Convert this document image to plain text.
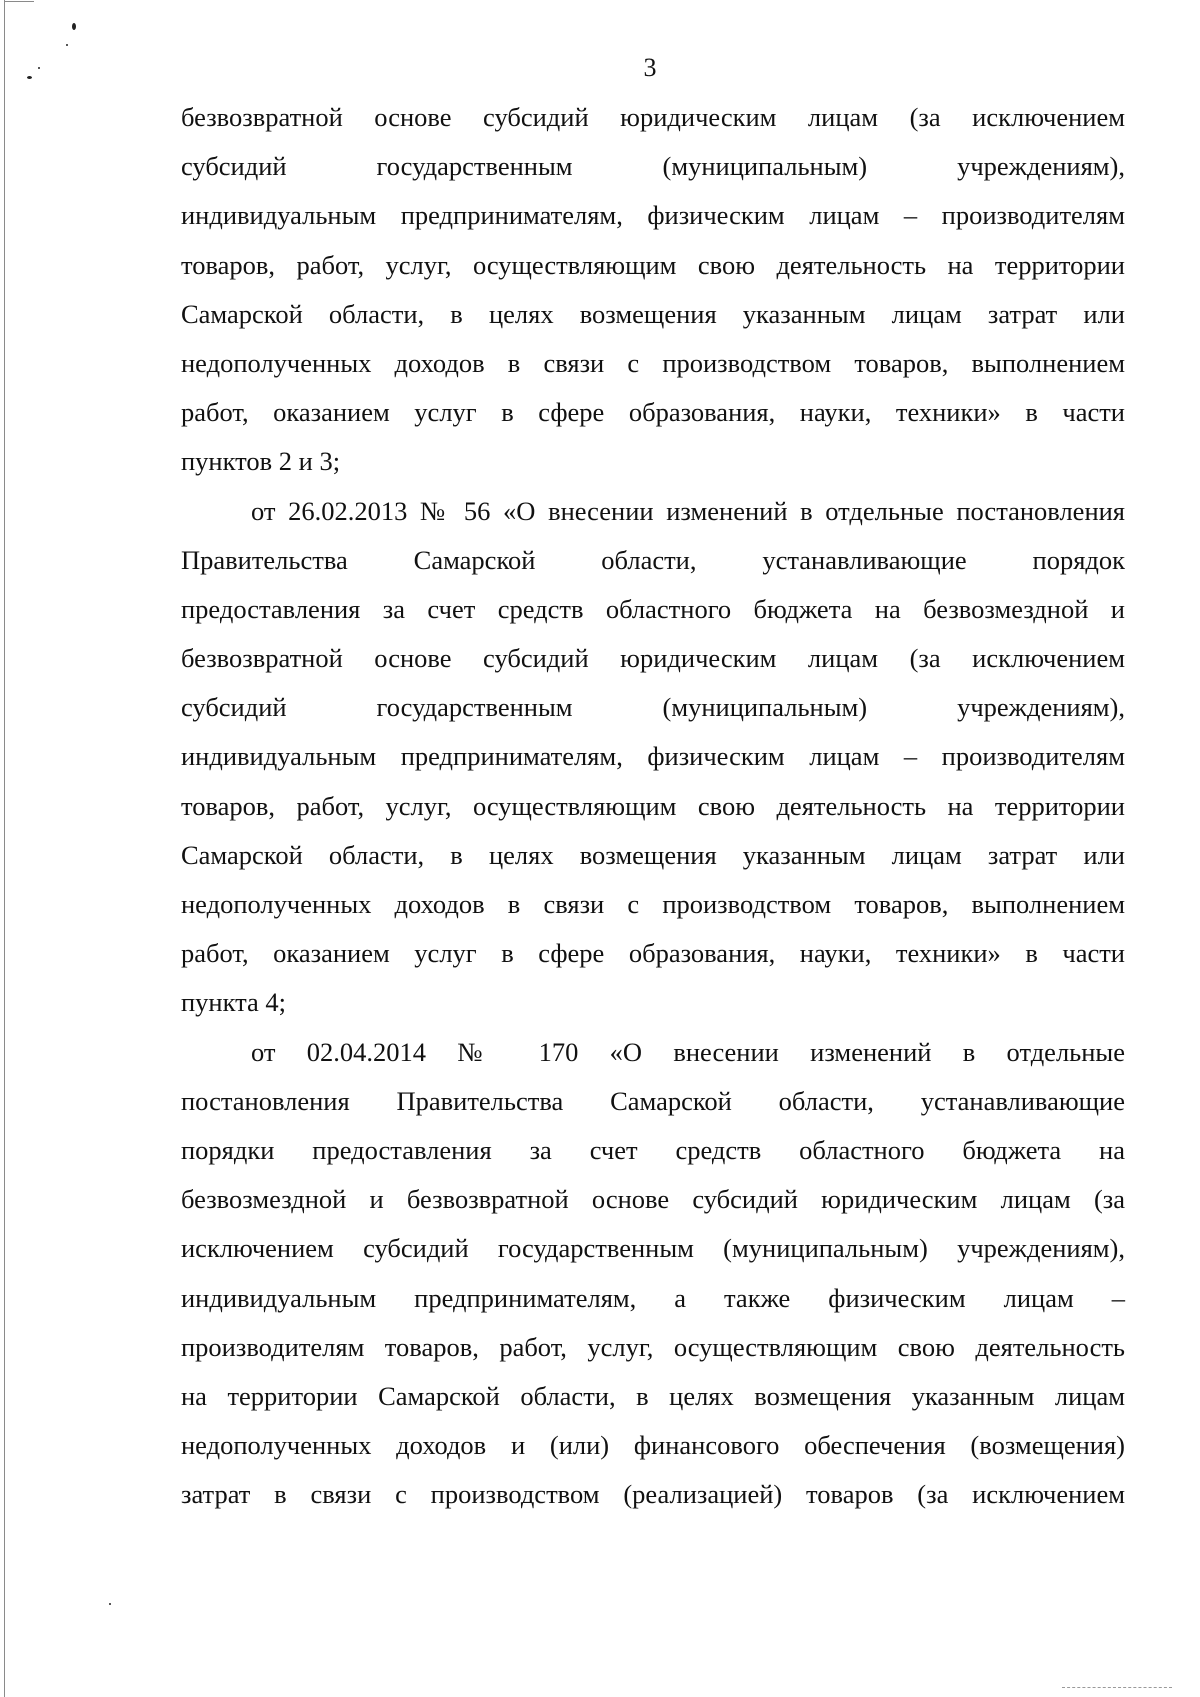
3
безвозвратной основе субсидий юридическим лицам (за исключением
субсидий государственным (муниципальным) учреждениям),
индивидуальным предпринимателям, физическим лицам – производителям
товаров, работ, услуг, осуществляющим свою деятельность на территории
Самарской области, в целях возмещения указанным лицам затрат или
недополученных доходов в связи с производством товаров, выполнением
работ, оказанием услуг в сфере образования, науки, техники» в части
пунктов 2 и 3;
от 26.02.2013 № 56 «О внесении изменений в отдельные постановления
Правительства Самарской области, устанавливающие порядок
предоставления за счет средств областного бюджета на безвозмездной и
безвозвратной основе субсидий юридическим лицам (за исключением
субсидий государственным (муниципальным) учреждениям),
индивидуальным предпринимателям, физическим лицам – производителям
товаров, работ, услуг, осуществляющим свою деятельность на территории
Самарской области, в целях возмещения указанным лицам затрат или
недополученных доходов в связи с производством товаров, выполнением
работ, оказанием услуг в сфере образования, науки, техники» в части
пункта 4;
от 02.04.2014 № 170 «О внесении изменений в отдельные
постановления Правительства Самарской области, устанавливающие
порядки предоставления за счет средств областного бюджета на
безвозмездной и безвозвратной основе субсидий юридическим лицам (за
исключением субсидий государственным (муниципальным) учреждениям),
индивидуальным предпринимателям, а также физическим лицам –
производителям товаров, работ, услуг, осуществляющим свою деятельность
на территории Самарской области, в целях возмещения указанным лицам
недополученных доходов и (или) финансового обеспечения (возмещения)
затрат в связи с производством (реализацией) товаров (за исключением
